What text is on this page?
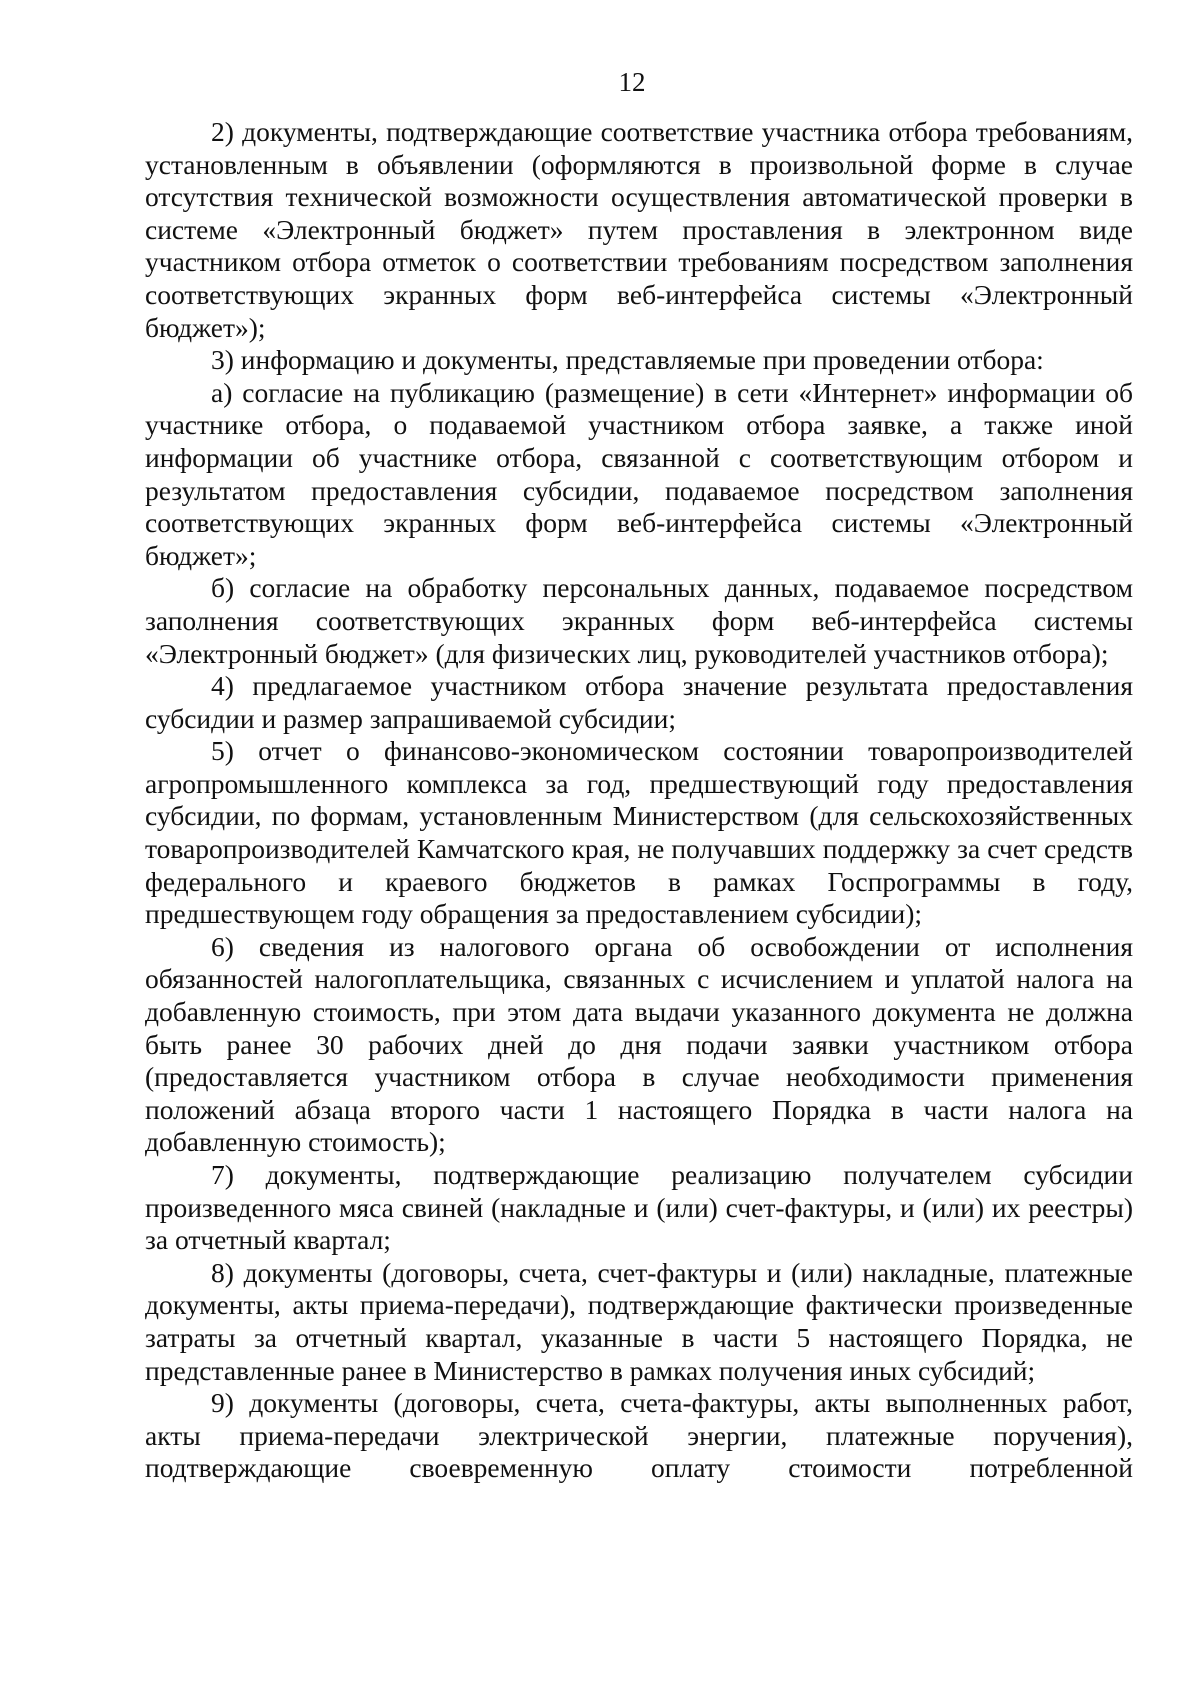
12

2) документы, подтверждающие соответствие участника отбора требованиям, установленным в объявлении (оформляются в произвольной форме в случае отсутствия технической возможности осуществления автоматической проверки в системе «Электронный бюджет» путем проставления в электронном виде участником отбора отметок о соответствии требованиям посредством заполнения соответствующих экранных форм веб-интерфейса системы «Электронный бюджет»);

3) информацию и документы, представляемые при проведении отбора:

а) согласие на публикацию (размещение) в сети «Интернет» информации об участнике отбора, о подаваемой участником отбора заявке, а также иной информации об участнике отбора, связанной с соответствующим отбором и результатом предоставления субсидии, подаваемое посредством заполнения соответствующих экранных форм веб-интерфейса системы «Электронный бюджет»;

б) согласие на обработку персональных данных, подаваемое посредством заполнения соответствующих экранных форм веб-интерфейса системы «Электронный бюджет» (для физических лиц, руководителей участников отбора);

4) предлагаемое участником отбора значение результата предоставления субсидии и размер запрашиваемой субсидии;

5) отчет о финансово-экономическом состоянии товаропроизводителей агропромышленного комплекса за год, предшествующий году предоставления субсидии, по формам, установленным Министерством (для сельскохозяйственных товаропроизводителей Камчатского края, не получавших поддержку за счет средств федерального и краевого бюджетов в рамках Госпрограммы в году, предшествующем году обращения за предоставлением субсидии);

6) сведения из налогового органа об освобождении от исполнения обязанностей налогоплательщика, связанных с исчислением и уплатой налога на добавленную стоимость, при этом дата выдачи указанного документа не должна быть ранее 30 рабочих дней до дня подачи заявки участником отбора (предоставляется участником отбора в случае необходимости применения положений абзаца второго части 1 настоящего Порядка в части налога на добавленную стоимость);

7) документы, подтверждающие реализацию получателем субсидии произведенного мяса свиней (накладные и (или) счет-фактуры, и (или) их реестры) за отчетный квартал;

8) документы (договоры, счета, счет-фактуры и (или) накладные, платежные документы, акты приема-передачи), подтверждающие фактически произведенные затраты за отчетный квартал, указанные в части 5 настоящего Порядка, не представленные ранее в Министерство в рамках получения иных субсидий;

9) документы (договоры, счета, счета-фактуры, акты выполненных работ, акты приема-передачи электрической энергии, платежные поручения), подтверждающие своевременную оплату стоимости потребленной
